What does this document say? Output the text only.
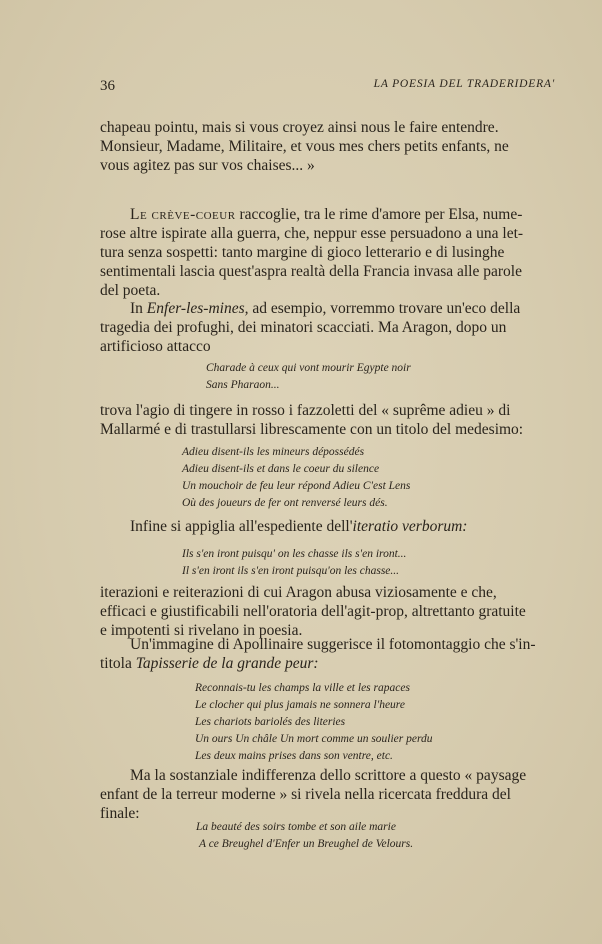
36	LA POESIA DEL TRADERIDERA'

chapeau pointu, mais si vous croyez ainsi nous le faire entendre.

Monsieur, Madame, Militaire, et vous mes chers petits enfants, ne

vous agitez pas sur vos chaises... »

Le crève-coeur raccoglie, tra le rime d'amore per Elsa, nume-

rose altre ispirate alla guerra, che, neppur esse persuadono a una let-

tura senza sospetti: tanto margine di gioco letterario e di lusinghe

sentimentali lascia quest'aspra realtà della Francia invasa alle parole

del poeta.

In Enfer-les-mines, ad esempio, vorremmo trovare un'eco della

tragedia dei profughi, dei minatori scacciati. Ma Aragon, dopo un

artificioso attacco

Charade à ceux qui vont mourir Egypte noir
Sans Pharaon...

trova l'agio di tingere in rosso i fazzoletti del « suprême adieu » di

Mallarmé e di trastullarsi librescamente con un titolo del medesimo:

Adieu disent-ils les mineurs dépossédés
Adieu disent-ils et dans le coeur du silence
Un mouchoir de feu leur répond Adieu C'est Lens
Où des joueurs de fer ont renversé leurs dés.

Infine si appiglia all'espediente dell'iteratio verborum:

Ils s'en iront puisqu' on les chasse ils s'en iront...
Il s'en iront ils s'en iront puisqu'on les chasse...

iterazioni e reiterazioni di cui Aragon abusa viziosamente e che,

efficaci e giustificabili nell'oratoria dell'agit-prop, altrettanto gratuite

e impotenti si rivelano in poesia.

Un'immagine di Apollinaire suggerisce il fotomontaggio che s'in-

titola Tapisserie de la grande peur:

Reconnais-tu les champs la ville et les rapaces
Le clocher qui plus jamais ne sonnera l'heure
Les chariots bariolés des literies
Un ours Un châle Un mort comme un soulier perdu
Les deux mains prises dans son ventre, etc.

Ma la sostanziale indifferenza dello scrittore a questo « paysage

enfant de la terreur moderne » si rivela nella ricercata freddura del

finale:

La beauté des soirs tombe et son aile marie
A ce Breughel d'Enfer un Breughel de Velours.
